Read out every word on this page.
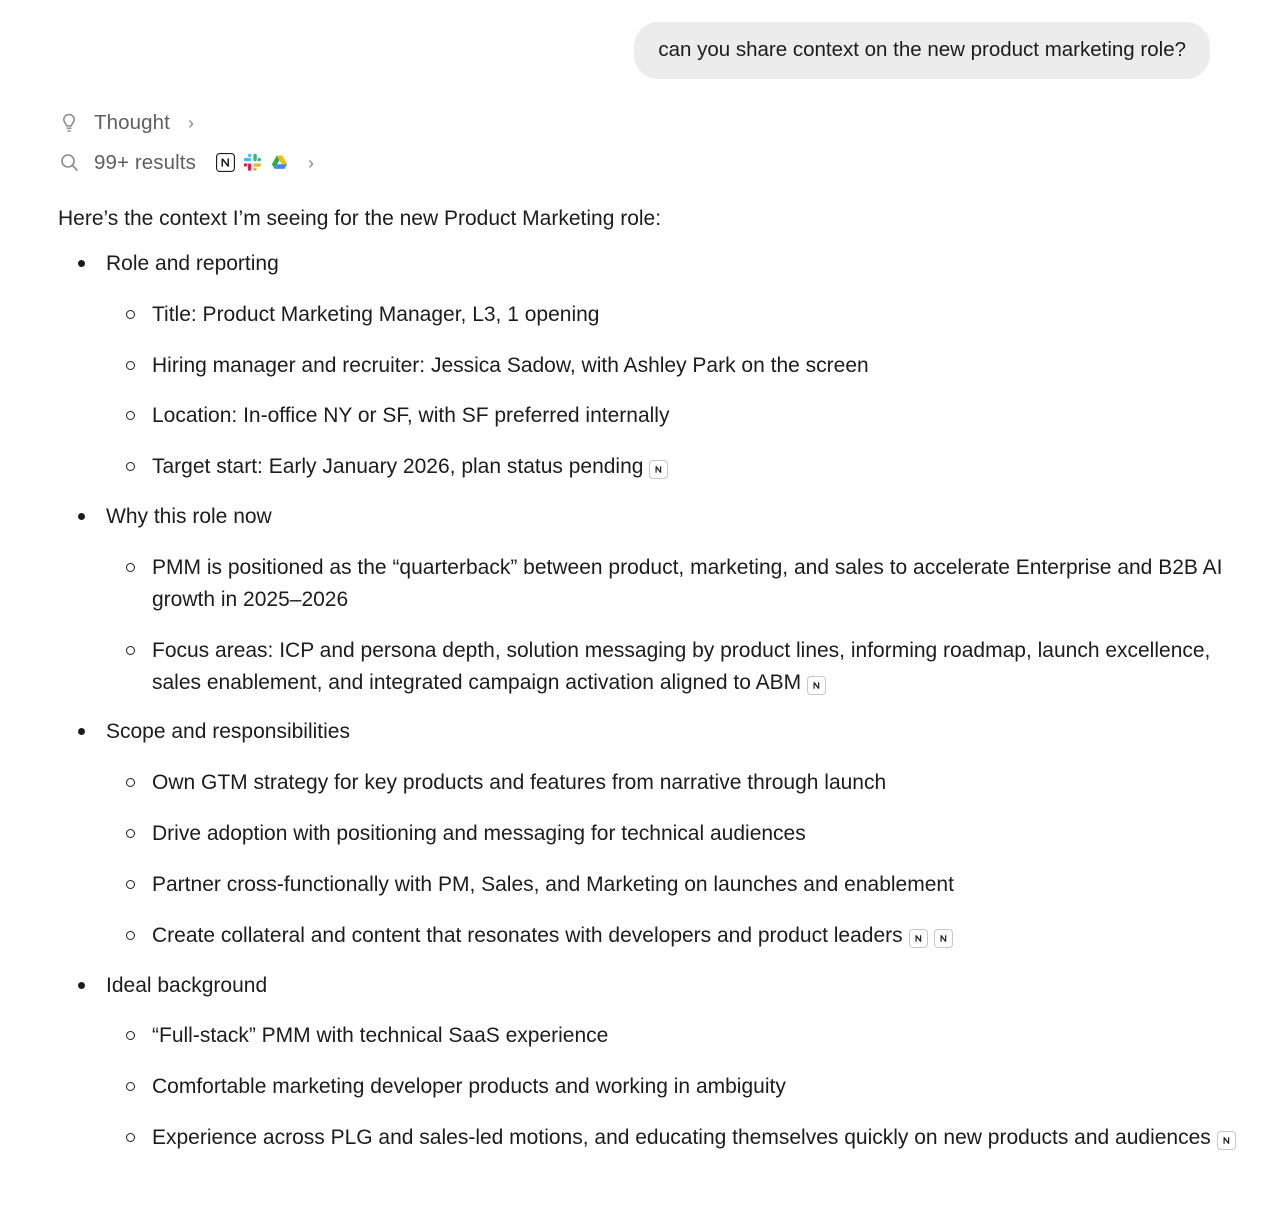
can you share context on the new product marketing role?
Thought ›
99+ results	›
Here’s the context I’m seeing for the new Product Marketing role:
Role and reporting
Title: Product Marketing Manager, L3, 1 opening
Hiring manager and recruiter: Jessica Sadow, with Ashley Park on the screen
Location: In-office NY or SF, with SF preferred internally
Target start: Early January 2026, plan status pending
Why this role now
PMM is positioned as the “quarterback” between product, marketing, and sales to accelerate Enterprise and B2B AI growth in 2025–2026
Focus areas: ICP and persona depth, solution messaging by product lines, informing roadmap, launch excellence, sales enablement, and integrated campaign activation aligned to ABM
Scope and responsibilities
Own GTM strategy for key products and features from narrative through launch
Drive adoption with positioning and messaging for technical audiences
Partner cross-functionally with PM, Sales, and Marketing on launches and enablement
Create collateral and content that resonates with developers and product leaders
Ideal background
“Full-stack” PMM with technical SaaS experience
Comfortable marketing developer products and working in ambiguity
Experience across PLG and sales-led motions, and educating themselves quickly on new products and audiences
